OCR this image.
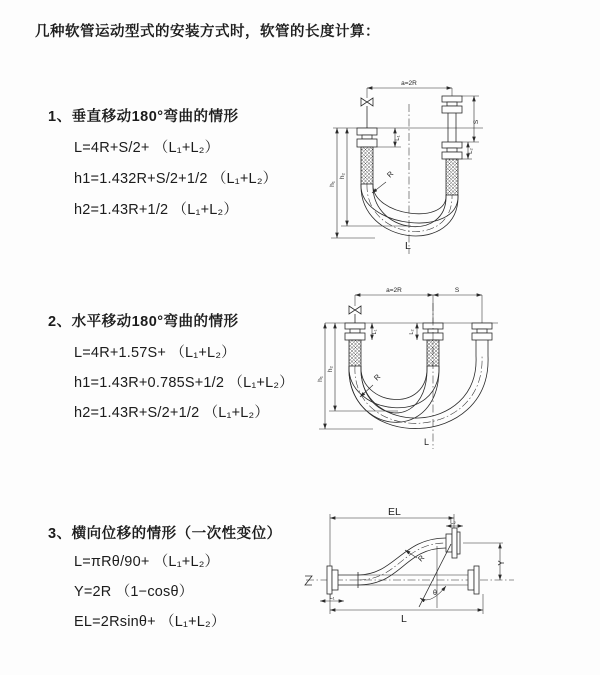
几种软管运动型式的安装方式时，软管的长度计算：
1、垂直移动180°弯曲的情形
L=4R+S/2+ （L₁+L₂）
h1=1.432R+S/2+1/2 （L₁+L₂）
h2=1.43R+1/2 （L₁+L₂）
a=2R
S
L₂
L₁
h₂
h₁
R
L
2、水平移动180°弯曲的情形
L=4R+1.57S+ （L₁+L₂）
h1=1.43R+0.785S+1/2 （L₁+L₂）
h2=1.43R+S/2+1/2 （L₁+L₂）
a=2R	S
L₁	L₂
h₂
h₁	R
L
3、横向位移的情形（一次性变位）
L=πRθ/90+ （L₁+L₂）
Y=2R （1−cosθ）
EL=2Rsinθ+ （L₁+L₂）
EL
L₂
Y
θ
R
L₁
L
